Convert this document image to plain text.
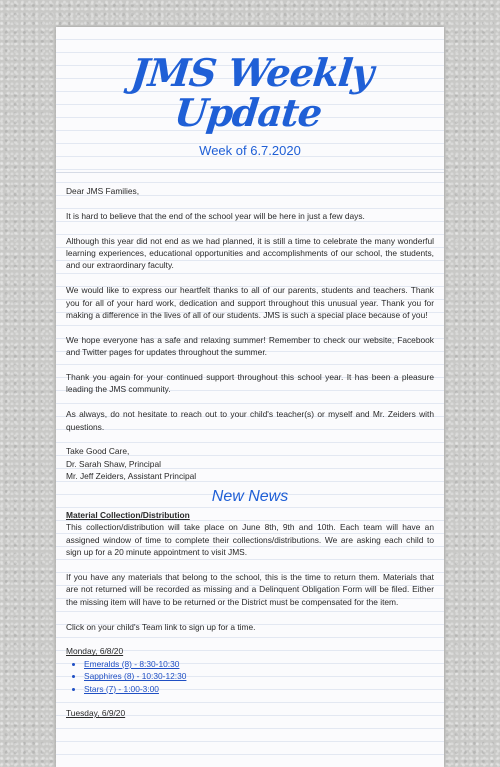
JMS Weekly Update
Week of 6.7.2020

Dear JMS Families,

It is hard to believe that the end of the school year will be here in just a few days.

Although this year did not end as we had planned, it is still a time to celebrate the many wonderful learning experiences, educational opportunities and accomplishments of our school, the students, and our extraordinary faculty.

We would like to express our heartfelt thanks to all of our parents, students and teachers. Thank you for all of your hard work, dedication and support throughout this unusual year. Thank you for making a difference in the lives of all of our students. JMS is such a special place because of you!

We hope everyone has a safe and relaxing summer! Remember to check our website, Facebook and Twitter pages for updates throughout the summer.

Thank you again for your continued support throughout this school year. It has been a pleasure leading the JMS community.

As always, do not hesitate to reach out to your child's teacher(s) or myself and Mr. Zeiders with questions.

Take Good Care,

Dr. Sarah Shaw, Principal

Mr. Jeff Zeiders, Assistant Principal

New News
Material Collection/Distribution

This collection/distribution will take place on June 8th, 9th and 10th. Each team will have an assigned window of time to complete their collections/distributions. We are asking each child to sign up for a 20 minute appointment to visit JMS.

If you have any materials that belong to the school, this is the time to return them. Materials that are not returned will be recorded as missing and a Delinquent Obligation Form will be filed. Either the missing item will have to be returned or the District must be compensated for the item.

Click on your child's Team link to sign up for a time.

Monday, 6/8/20
• Emeralds (8) - 8:30-10:30
• Sapphires (8) - 10:30-12:30
• Stars (7) - 1:00-3:00
Tuesday, 6/9/20
